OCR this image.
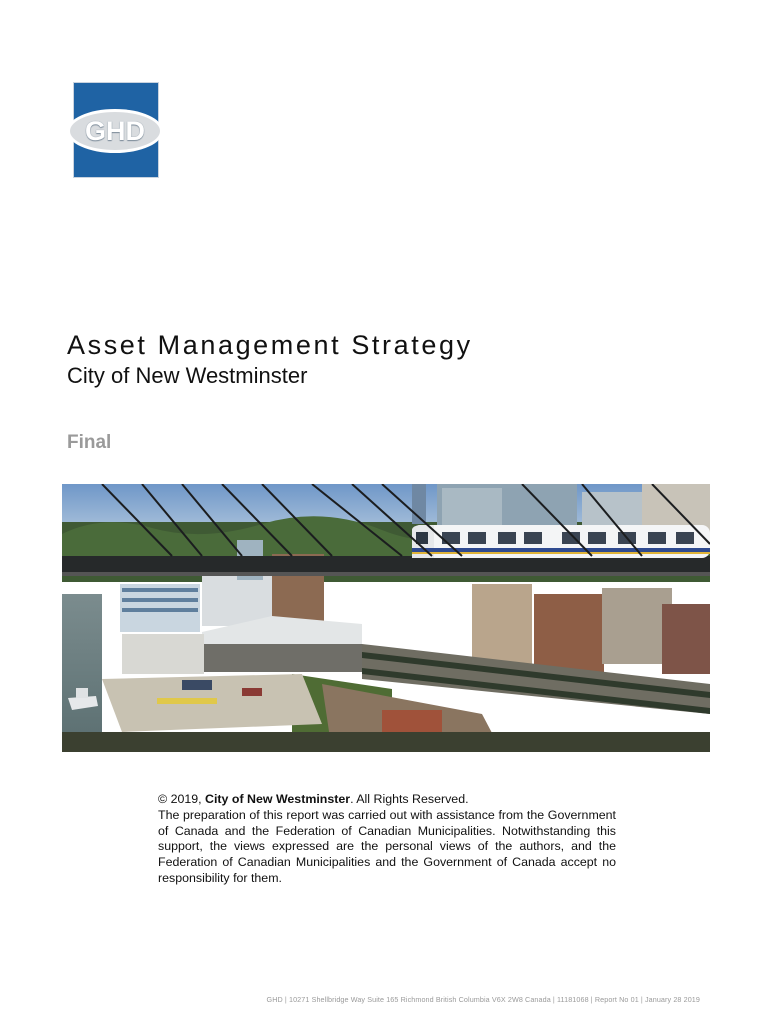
GHD
Asset Management Strategy
City of New Westminster
Final

© 2019, City of New Westminster. All Rights Reserved.

The preparation of this report was carried out with assistance from the Government of Canada and the Federation of Canadian Municipalities. Notwithstanding this support, the views expressed are the personal views of the authors, and the Federation of Canadian Municipalities and the Government of Canada accept no responsibility for them.

GHD | 10271 Shellbridge Way Suite 165 Richmond British Columbia V6X 2W8 Canada | 11181068 | Report No 01 | January 28 2019
